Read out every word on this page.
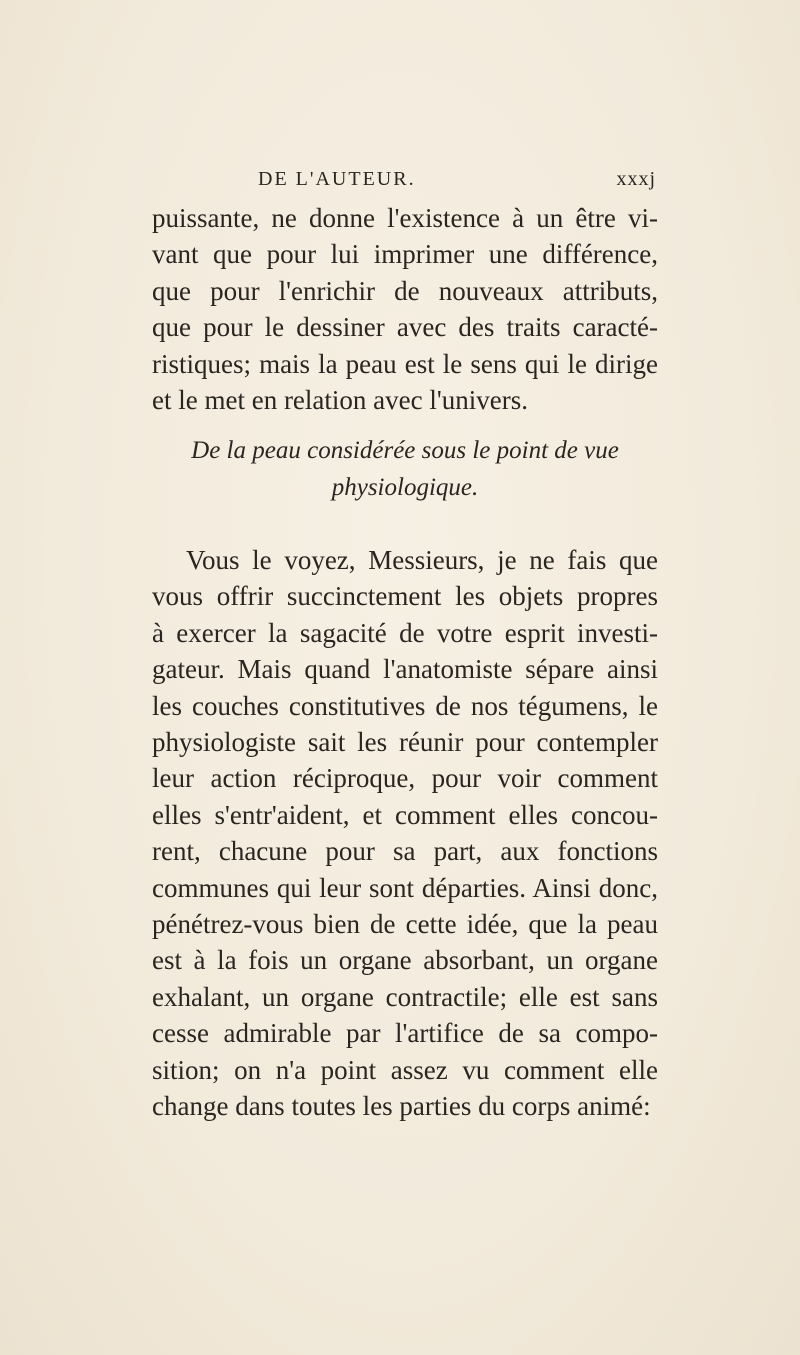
DE L'AUTEUR.	xxxj
puissante, ne donne l'existence à un être vi-
vant que pour lui imprimer une différence,
que pour l'enrichir de nouveaux attributs,
que pour le dessiner avec des traits caracté-
ristiques; mais la peau est le sens qui le dirige
et le met en relation avec l'univers.
De la peau considérée sous le point de vue
physiologique.
Vous le voyez, Messieurs, je ne fais que
vous offrir succinctement les objets propres
à exercer la sagacité de votre esprit investi-
gateur. Mais quand l'anatomiste sépare ainsi
les couches constitutives de nos tégumens, le
physiologiste sait les réunir pour contempler
leur action réciproque, pour voir comment
elles s'entr'aident, et comment elles concou-
rent, chacune pour sa part, aux fonctions
communes qui leur sont départies. Ainsi donc,
pénétrez-vous bien de cette idée, que la peau
est à la fois un organe absorbant, un organe
exhalant, un organe contractile; elle est sans
cesse admirable par l'artifice de sa compo-
sition; on n'a point assez vu comment elle
change dans toutes les parties du corps animé:
